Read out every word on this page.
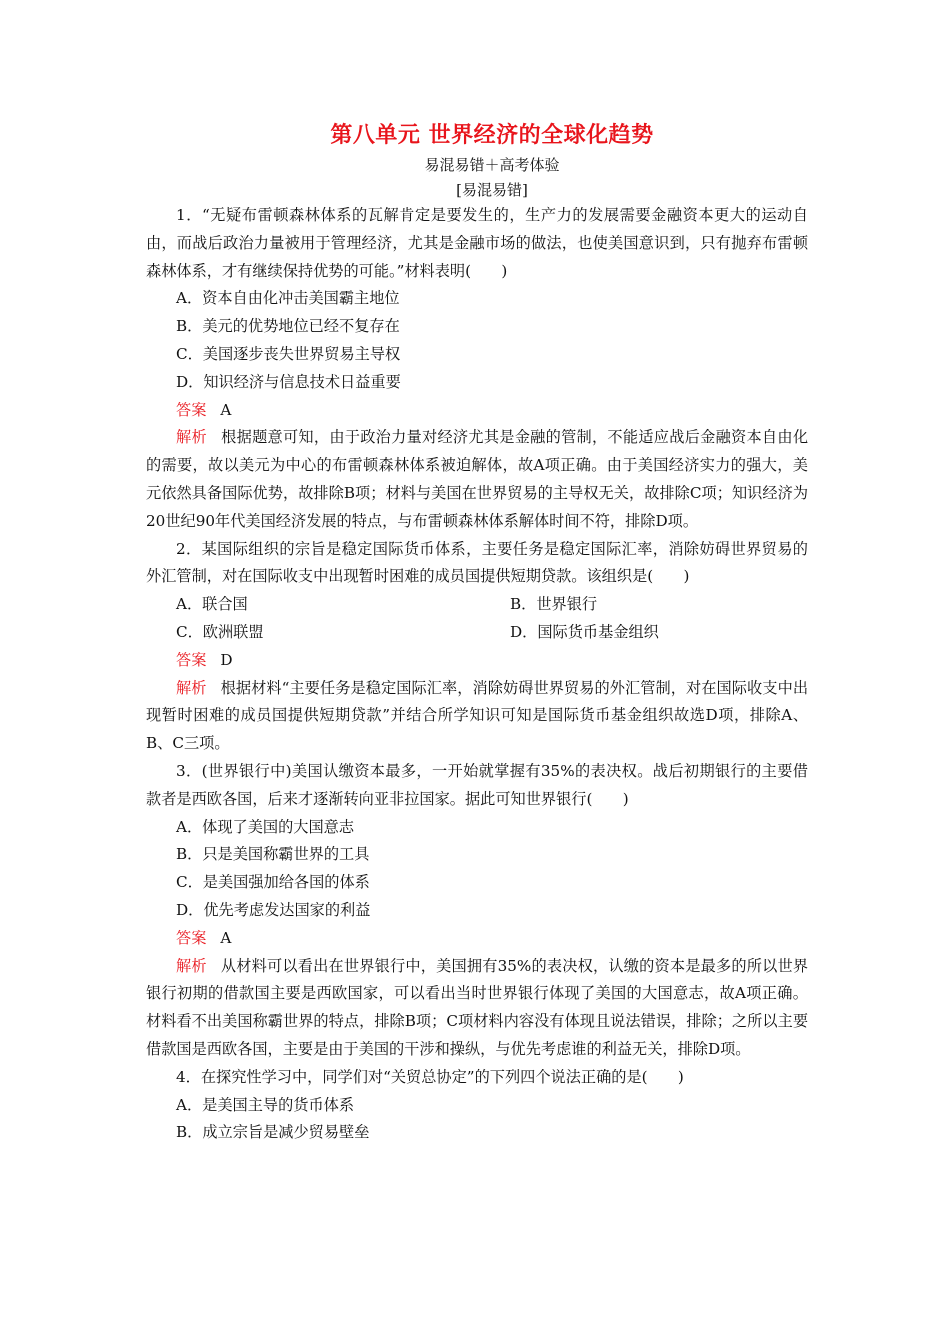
第八单元 世界经济的全球化趋势
易混易错＋高考体验
[易混易错]

1．“无疑布雷顿森林体系的瓦解肯定是要发生的，生产力的发展需要金融资本更大的运动自由，而战后政治力量被用于管理经济，尤其是金融市场的做法，也使美国意识到，只有抛弃布雷顿森林体系，才有继续保持优势的可能。”材料表明(　　)

A．资本自由化冲击美国霸主地位

B．美元的优势地位已经不复存在

C．美国逐步丧失世界贸易主导权

D．知识经济与信息技术日益重要

答案 A

解析 根据题意可知，由于政治力量对经济尤其是金融的管制，不能适应战后金融资本自由化的需要，故以美元为中心的布雷顿森林体系被迫解体，故A项正确。由于美国经济实力的强大，美元依然具备国际优势，故排除B项；材料与美国在世界贸易的主导权无关，故排除C项；知识经济为20世纪90年代美国经济发展的特点，与布雷顿森林体系解体时间不符，排除D项。

2．某国际组织的宗旨是稳定国际货币体系，主要任务是稳定国际汇率，消除妨碍世界贸易的外汇管制，对在国际收支中出现暂时困难的成员国提供短期贷款。该组织是(　　)

A．联合国	B．世界银行
C．欧洲联盟	D．国际货币基金组织

答案 D

解析 根据材料“主要任务是稳定国际汇率，消除妨碍世界贸易的外汇管制，对在国际收支中出现暂时困难的成员国提供短期贷款”并结合所学知识可知是国际货币基金组织故选D项，排除A、B、C三项。

3．(世界银行中)美国认缴资本最多，一开始就掌握有35%的表决权。战后初期银行的主要借款者是西欧各国，后来才逐渐转向亚非拉国家。据此可知世界银行(　　)

A．体现了美国的大国意志

B．只是美国称霸世界的工具

C．是美国强加给各国的体系

D．优先考虑发达国家的利益

答案 A

解析 从材料可以看出在世界银行中，美国拥有35%的表决权，认缴的资本是最多的所以世界银行初期的借款国主要是西欧国家，可以看出当时世界银行体现了美国的大国意志，故A项正确。材料看不出美国称霸世界的特点，排除B项；C项材料内容没有体现且说法错误，排除；之所以主要借款国是西欧各国，主要是由于美国的干涉和操纵，与优先考虑谁的利益无关，排除D项。

4．在探究性学习中，同学们对“关贸总协定”的下列四个说法正确的是(　　)

A．是美国主导的货币体系

B．成立宗旨是减少贸易壁垒
